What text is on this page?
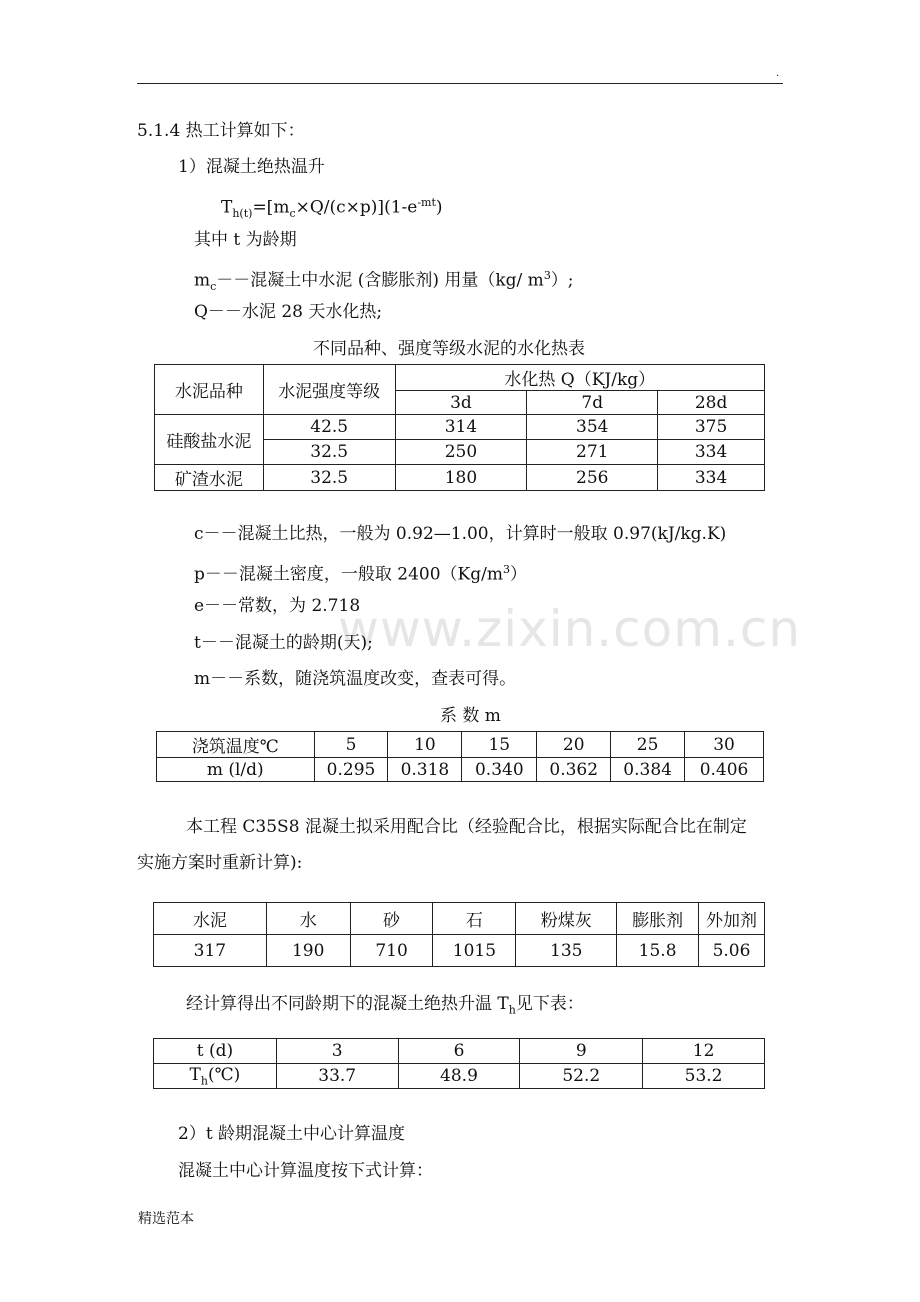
.
www.zixin.com.cn
5.1.4 热工计算如下：
1）混凝土绝热温升
$T_{h(t)}=[m_c\times Q/(c\times p)](1-e^{-mt})$
其中 t 为龄期
$m_c--$混凝土中水泥 (含膨胀剂) 用量（kg/ $m^3$）;
Q－－水泥 28 天水化热;
不同品种、强度等级水泥的水化热表
水泥品种	水泥强度等级	水化热 Q（KJ/kg）		
		3d	7d	28d
硅酸盐水泥	42.5	314	354	375
	32.5	250	271	334
矿渣水泥	32.5	180	256	334
c－－混凝土比热，一般为 0.92—1.00，计算时一般取 0.97(kJ/kg.K)
p－－混凝土密度，一般取 $2400(Kg/m^3)$
e－－常数，为 2.718
t－－混凝土的龄期(天);
m－－系数，随浇筑温度改变，查表可得。
系 数 m
浇筑温度℃	5	10	15	20	25	30
m (l/d)	0.295	0.318	0.340	0.362	0.384	0.406
本工程 C35S8 混凝土拟采用配合比（经验配合比，根据实际配合比在制定
实施方案时重新计算):
水泥	水	砂	石	粉煤灰	膨胀剂	外加剂
317	190	710	1015	135	15.8	5.06
经计算得出不同龄期下的混凝土绝热升温 $T_h$见下表：
t (d)	3	6	9	12
$T_h(℃)$	33.7	48.9	52.2	53.2
2）t 龄期混凝土中心计算温度
混凝土中心计算温度按下式计算：
精选范本
